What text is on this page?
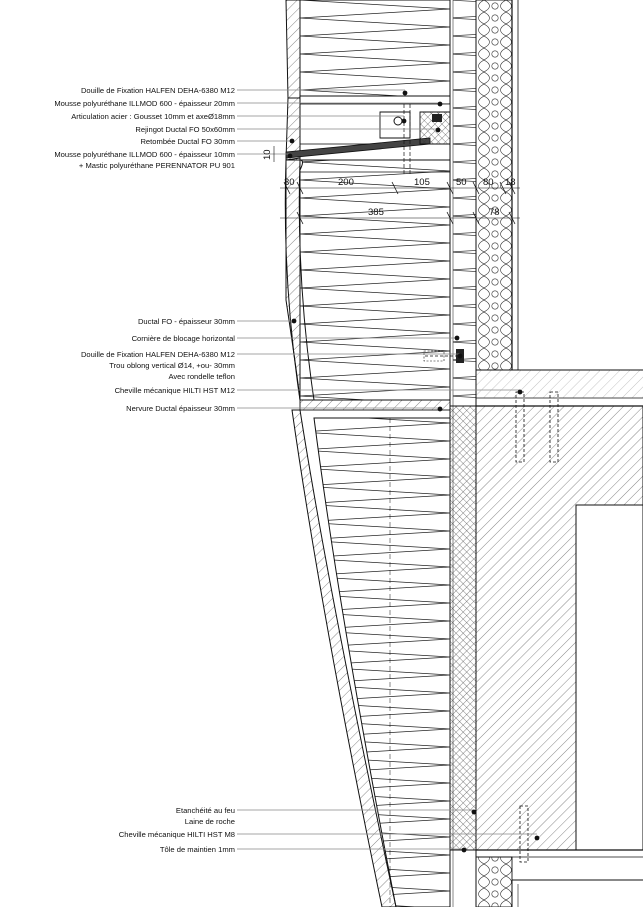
Douille de Fixation HALFEN DEHA-6380 M12
Mousse polyuréthane ILLMOD 600 - épaisseur 20mm
Articulation acier : Gousset 10mm et axeØ18mm
Rejingot Ductal FO 50x60mm
Retombée Ductal FO 30mm
Mousse polyuréthane ILLMOD 600 - épaisseur 10mm
+ Mastic polyuréthane PERENNATOR PU 901
Ductal FO - épaisseur 30mm
Cornière de blocage horizontal
Douille de Fixation HALFEN DEHA-6380 M12
Trou oblong vertical Ø14, +ou- 30mm
Avec rondelle teflon
Cheville mécanique HILTI HST M12
Nervure Ductal épaisseur 30mm
Etanchéité au feu
Laine de roche
Cheville mécanique HILTI HST M8
Tôle de maintien 1mm
10
30	200	105	50 80 18
385	78
